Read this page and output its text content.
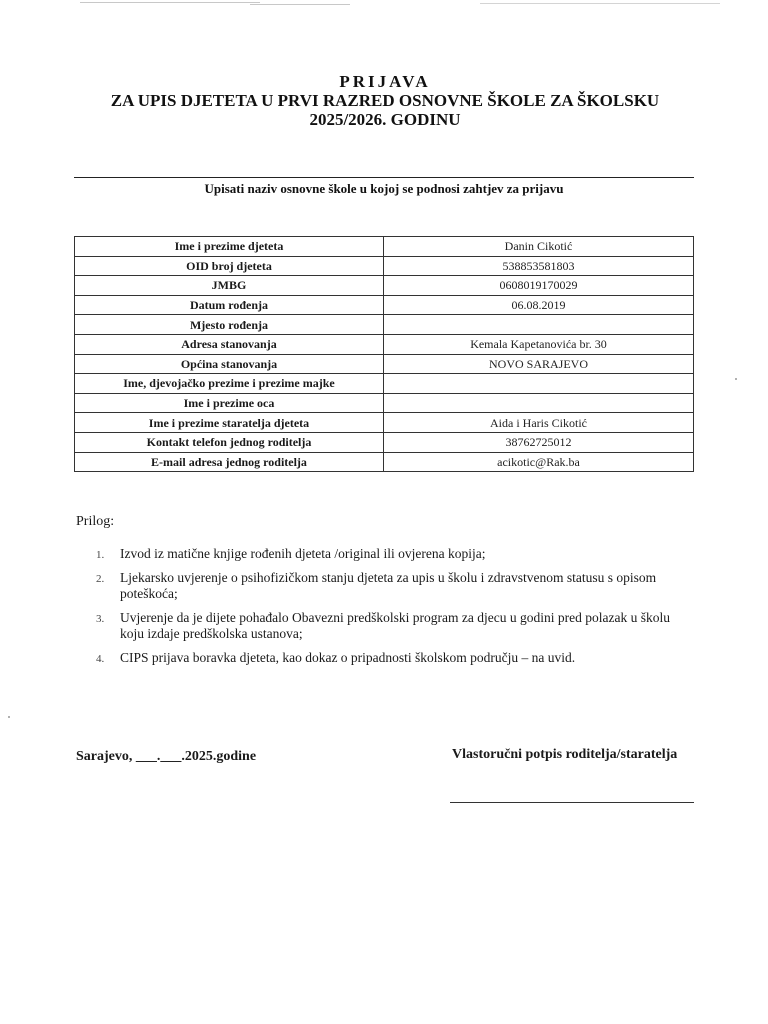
PRIJAVA
ZA UPIS DJETETA U PRVI RAZRED OSNOVNE ŠKOLE ZA ŠKOLSKU
2025/2026. GODINU
Upisati naziv osnovne škole u kojoj se podnosi zahtjev za prijavu
Ime i prezime djeteta	Danin Cikotić
OID broj djeteta	538853581803
JMBG	0608019170029
Datum rođenja	06.08.2019
Mjesto rođenja	
Adresa stanovanja	Kemala Kapetanovića br. 30
Općina stanovanja	NOVO SARAJEVO
Ime, djevojačko prezime i prezime majke	
Ime i prezime oca	
Ime i prezime staratelja djeteta	Aida i Haris Cikotić
Kontakt telefon jednog roditelja	38762725012
E-mail adresa jednog roditelja	acikotic@Rak.ba
Prilog:
1. Izvod iz matične knjige rođenih djeteta /original ili ovjerena kopija;
2. Ljekarsko uvjerenje o psihofizičkom stanju djeteta za upis u školu i zdravstvenom statusu s opisom poteškoća;
3. Uvjerenje da je dijete pohađalo Obavezni predškolski program za djecu u godini pred polazak u školu koju izdaje predškolska ustanova;
4. CIPS prijava boravka djeteta, kao dokaz o pripadnosti školskom području – na uvid.
Sarajevo, ___.___.2025.godine	Vlastoručni potpis roditelja/staratelja
